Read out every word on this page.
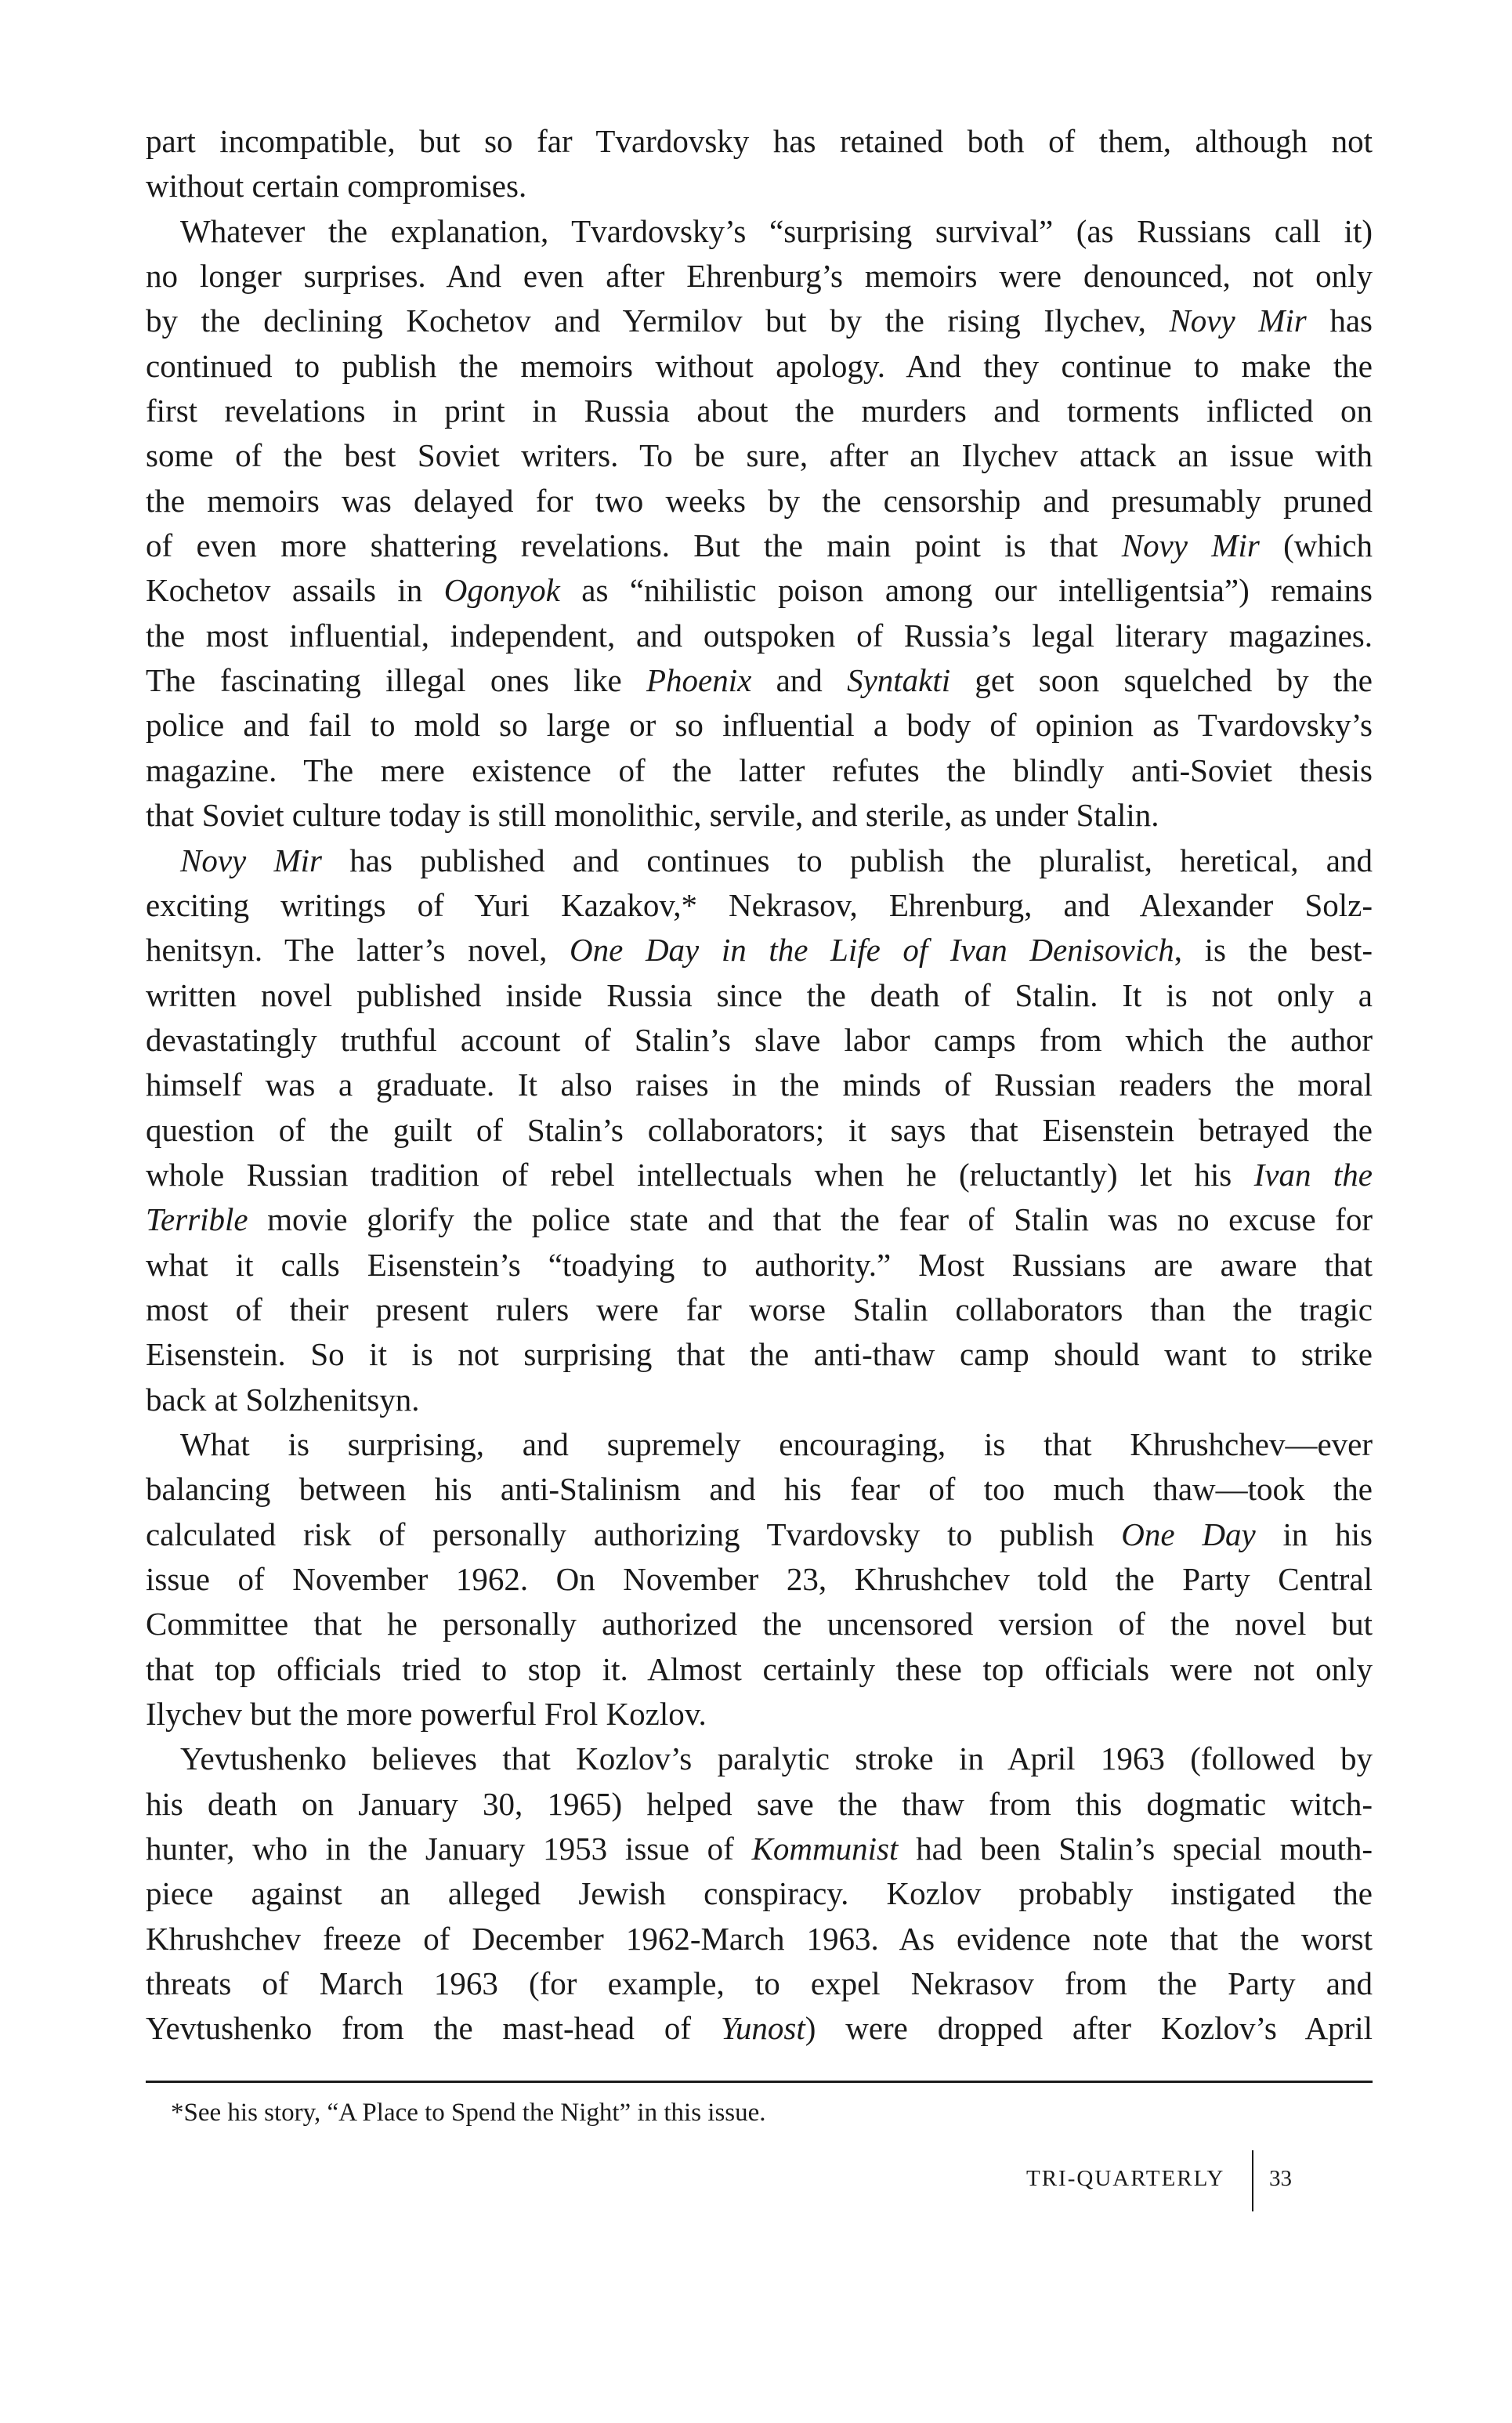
part incompatible, but so far Tvardovsky has retained both of them, although not
without certain compromises.
Whatever the explanation, Tvardovsky’s “surprising survival” (as Russians call it)
no longer surprises. And even after Ehrenburg’s memoirs were denounced, not only
by the declining Kochetov and Yermilov but by the rising Ilychev, Novy Mir has
continued to publish the memoirs without apology. And they continue to make the
first revelations in print in Russia about the murders and torments inflicted on
some of the best Soviet writers. To be sure, after an Ilychev attack an issue with
the memoirs was delayed for two weeks by the censorship and presumably pruned
of even more shattering revelations. But the main point is that Novy Mir (which
Kochetov assails in Ogonyok as “nihilistic poison among our intelligentsia”) remains
the most influential, independent, and outspoken of Russia’s legal literary magazines.
The fascinating illegal ones like Phoenix and Syntakti get soon squelched by the
police and fail to mold so large or so influential a body of opinion as Tvardovsky’s
magazine. The mere existence of the latter refutes the blindly anti-Soviet thesis
that Soviet culture today is still monolithic, servile, and sterile, as under Stalin.
Novy Mir has published and continues to publish the pluralist, heretical, and
exciting writings of Yuri Kazakov,* Nekrasov, Ehrenburg, and Alexander Solz-
henitsyn. The latter’s novel, One Day in the Life of Ivan Denisovich, is the best-
written novel published inside Russia since the death of Stalin. It is not only a
devastatingly truthful account of Stalin’s slave labor camps from which the author
himself was a graduate. It also raises in the minds of Russian readers the moral
question of the guilt of Stalin’s collaborators; it says that Eisenstein betrayed the
whole Russian tradition of rebel intellectuals when he (reluctantly) let his Ivan the
Terrible movie glorify the police state and that the fear of Stalin was no excuse for
what it calls Eisenstein’s “toadying to authority.” Most Russians are aware that
most of their present rulers were far worse Stalin collaborators than the tragic
Eisenstein. So it is not surprising that the anti-thaw camp should want to strike
back at Solzhenitsyn.
What is surprising, and supremely encouraging, is that Khrushchev—ever
balancing between his anti-Stalinism and his fear of too much thaw—took the
calculated risk of personally authorizing Tvardovsky to publish One Day in his
issue of November 1962. On November 23, Khrushchev told the Party Central
Committee that he personally authorized the uncensored version of the novel but
that top officials tried to stop it. Almost certainly these top officials were not only
Ilychev but the more powerful Frol Kozlov.
Yevtushenko believes that Kozlov’s paralytic stroke in April 1963 (followed by
his death on January 30, 1965) helped save the thaw from this dogmatic witch-
hunter, who in the January 1953 issue of Kommunist had been Stalin’s special mouth-
piece against an alleged Jewish conspiracy. Kozlov probably instigated the
Khrushchev freeze of December 1962-March 1963. As evidence note that the worst
threats of March 1963 (for example, to expel Nekrasov from the Party and
Yevtushenko from the mast-head of Yunost) were dropped after Kozlov’s April
*See his story, “A Place to Spend the Night” in this issue.
TRI-QUARTERLY 33
